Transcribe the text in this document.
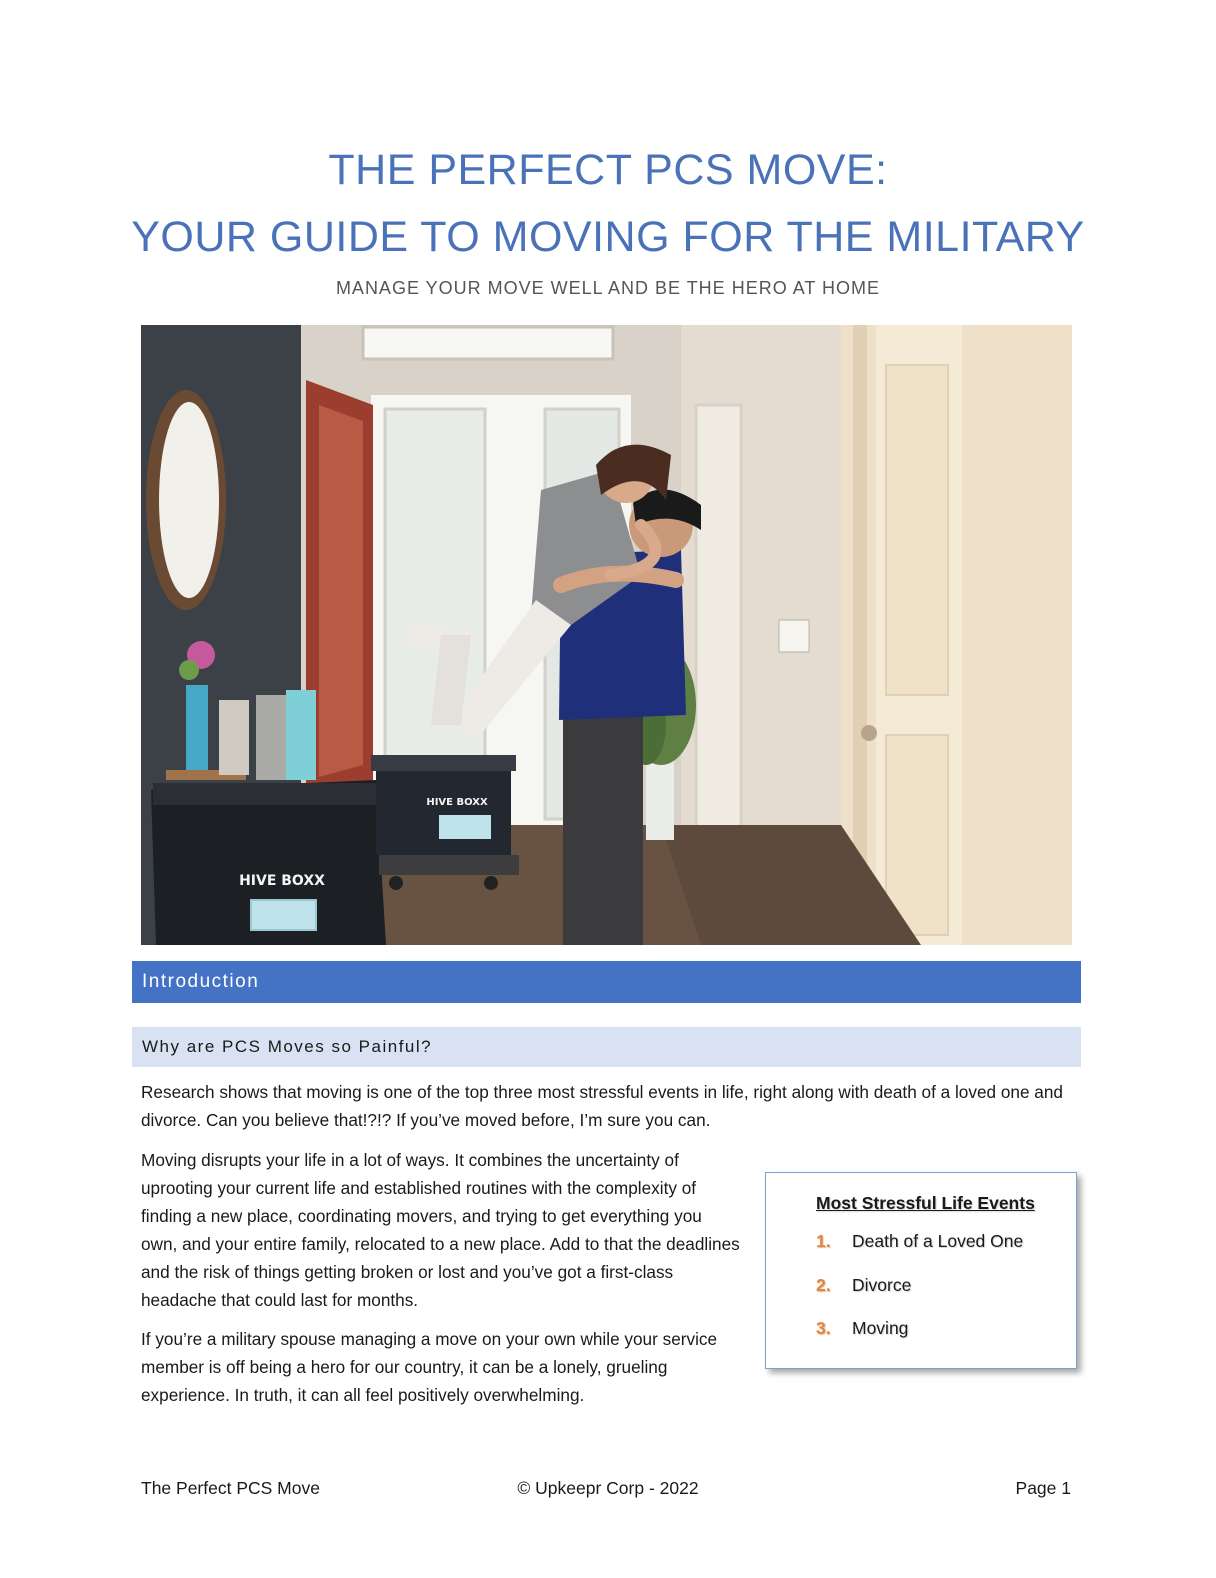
THE PERFECT PCS MOVE:
YOUR GUIDE TO MOVING FOR THE MILITARY

MANAGE YOUR MOVE WELL AND BE THE HERO AT HOME

HIVE BOXX
HIVE BOXX
Introduction
Why are PCS Moves so Painful?

Research shows that moving is one of the top three most stressful events in life, right along with death of a loved one and divorce. Can you believe that!?!? If you’ve moved before, I’m sure you can.

Moving disrupts your life in a lot of ways. It combines the uncertainty of uprooting your current life and established routines with the complexity of finding a new place, coordinating movers, and trying to get everything you own, and your entire family, relocated to a new place. Add to that the deadlines and the risk of things getting broken or lost and you’ve got a first-class headache that could last for months.

If you’re a military spouse managing a move on your own while your service member is off being a hero for our country, it can be a lonely, grueling experience. In truth, it can all feel positively overwhelming.

Most Stressful Life Events

1. Death of a Loved One
2. Divorce
3. Moving

The Perfect PCS Move	© Upkeepr Corp - 2022	Page 1
